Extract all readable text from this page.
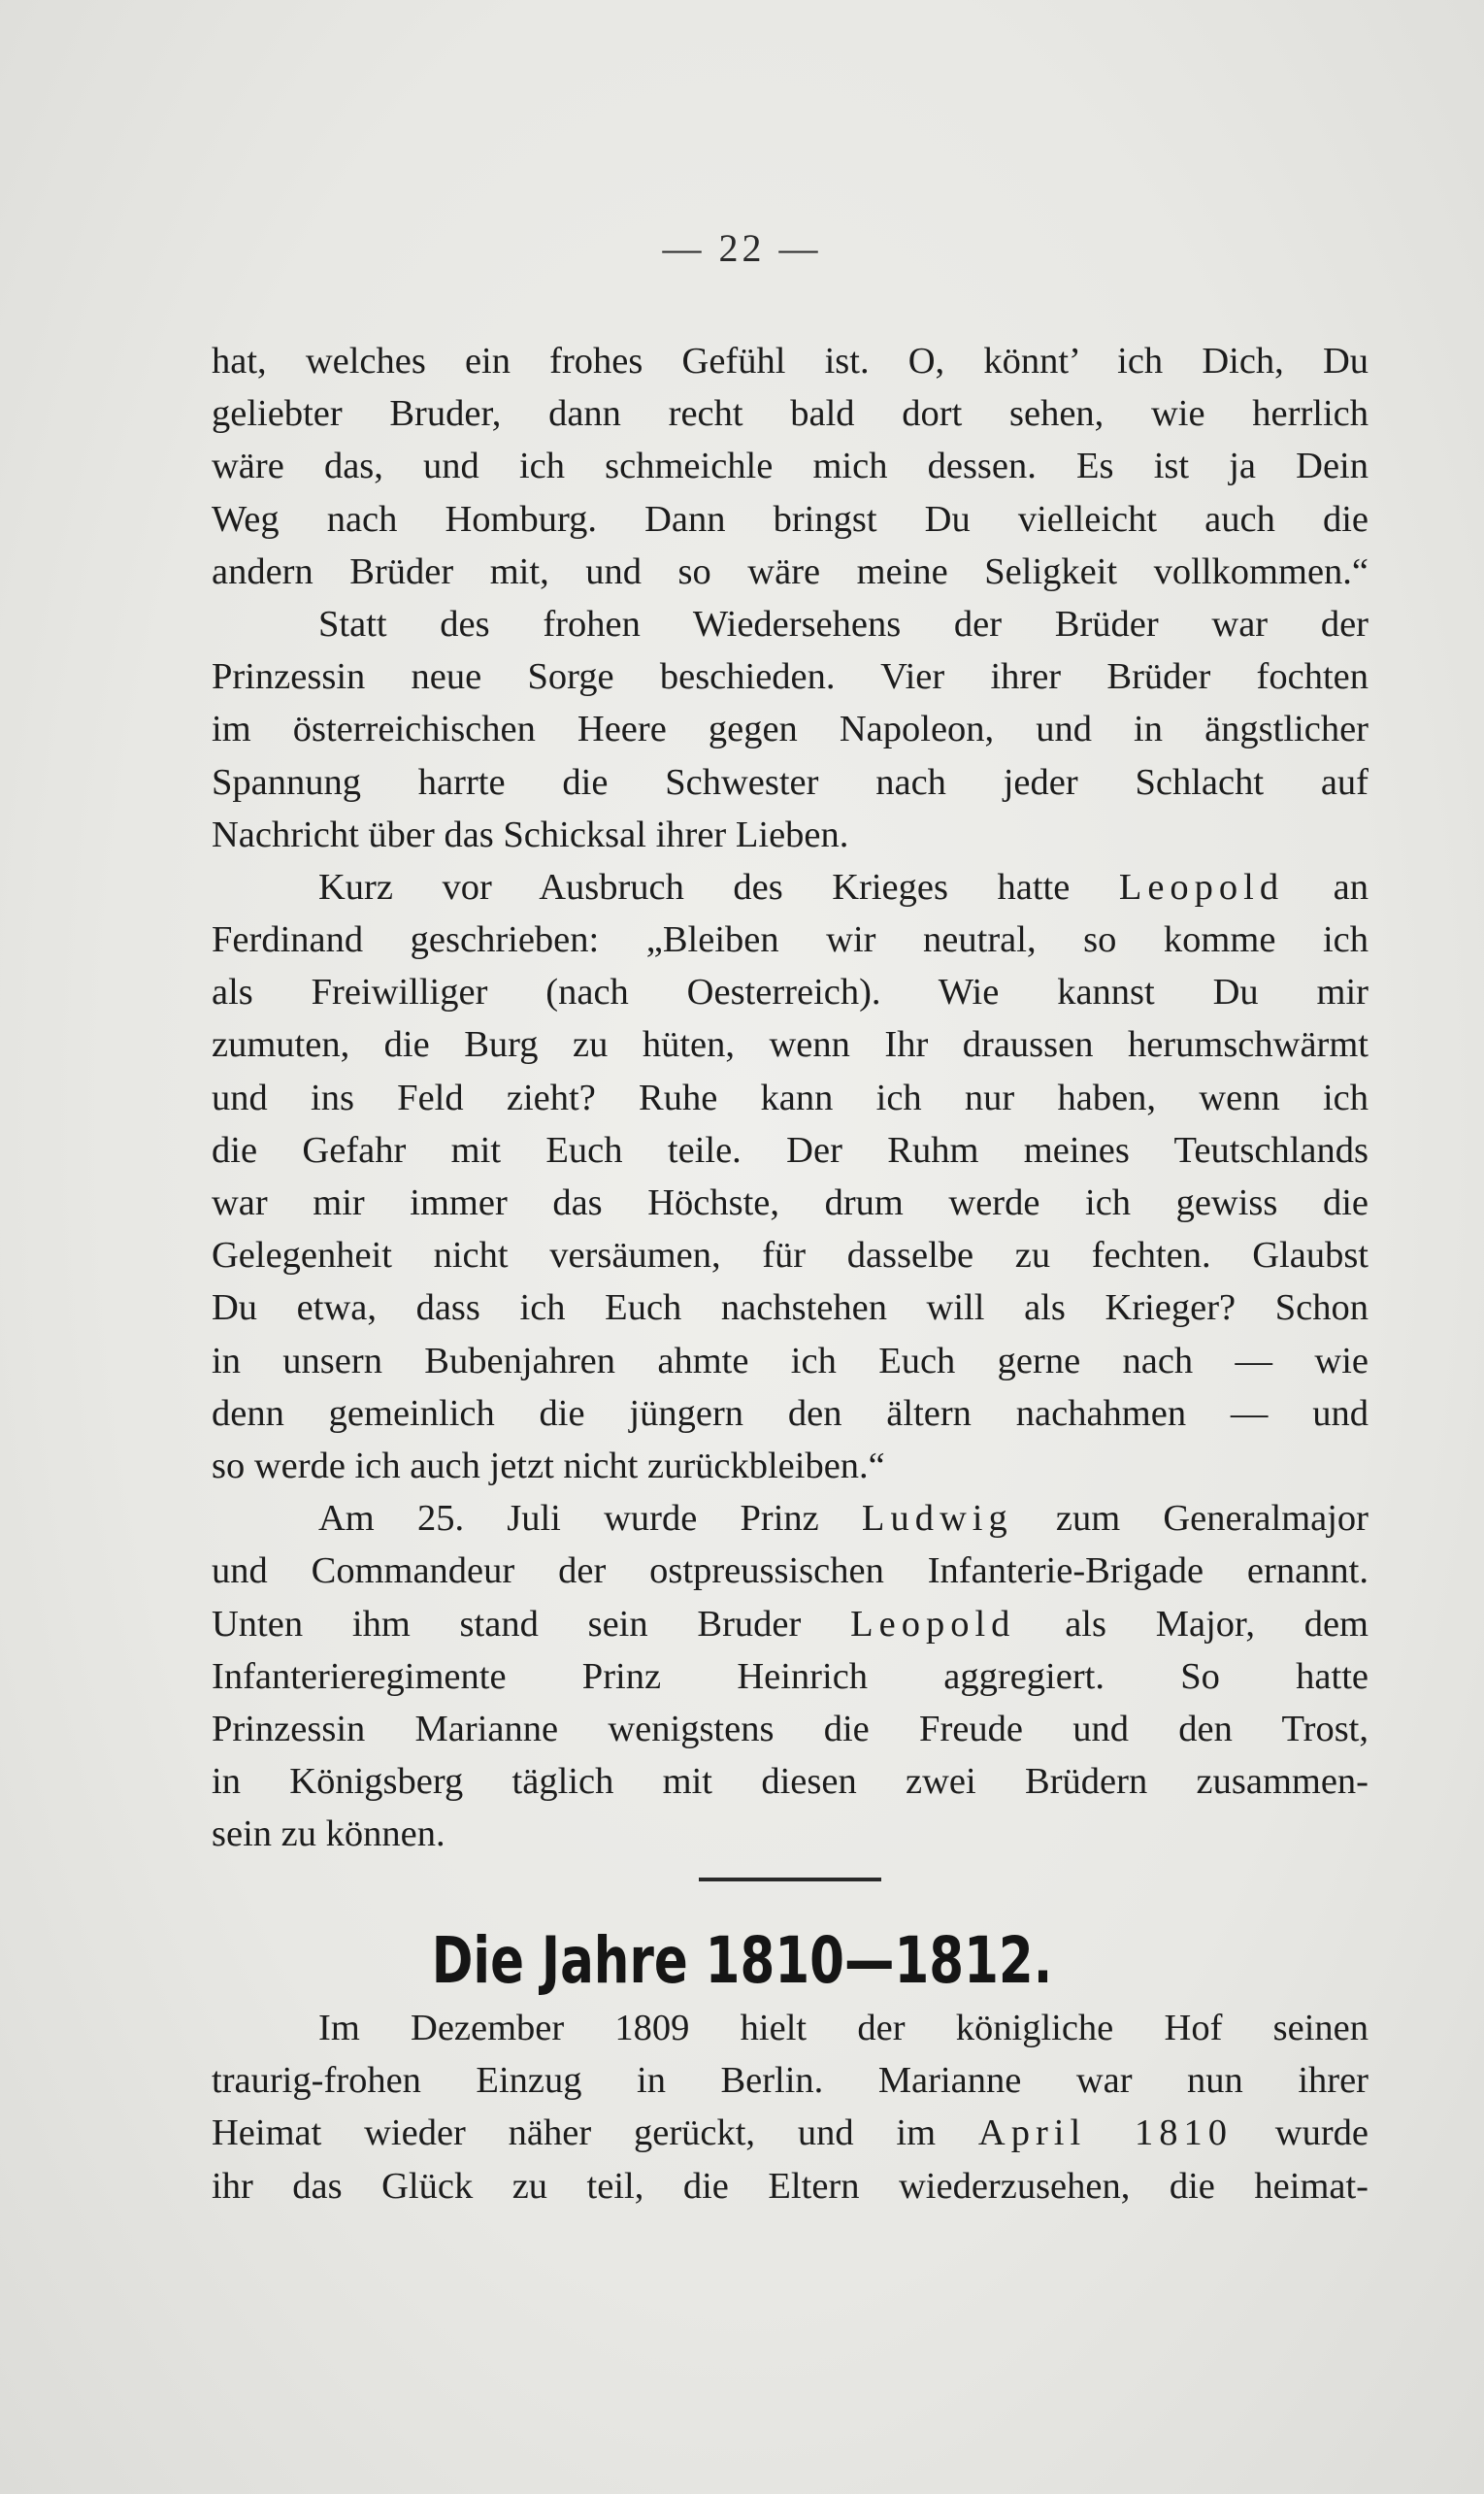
— 22 —
hat, welches ein frohes Gefühl ist. O, könnt’ ich Dich, Du
geliebter Bruder, dann recht bald dort sehen, wie herrlich
wäre das, und ich schmeichle mich dessen. Es ist ja Dein
Weg nach Homburg. Dann bringst Du vielleicht auch die
andern Brüder mit, und so wäre meine Seligkeit vollkommen.“
Statt des frohen Wiedersehens der Brüder war der
Prinzessin neue Sorge beschieden. Vier ihrer Brüder fochten
im österreichischen Heere gegen Napoleon, und in ängstlicher
Spannung harrte die Schwester nach jeder Schlacht auf
Nachricht über das Schicksal ihrer Lieben.
Kurz vor Ausbruch des Krieges hatte Leopold an
Ferdinand geschrieben: „Bleiben wir neutral, so komme ich
als Freiwilliger (nach Oesterreich). Wie kannst Du mir
zumuten, die Burg zu hüten, wenn Ihr draussen herumschwärmt
und ins Feld zieht? Ruhe kann ich nur haben, wenn ich
die Gefahr mit Euch teile. Der Ruhm meines Teutschlands
war mir immer das Höchste, drum werde ich gewiss die
Gelegenheit nicht versäumen, für dasselbe zu fechten. Glaubst
Du etwa, dass ich Euch nachstehen will als Krieger? Schon
in unsern Bubenjahren ahmte ich Euch gerne nach — wie
denn gemeinlich die jüngern den ältern nachahmen — und
so werde ich auch jetzt nicht zurückbleiben.“
Am 25. Juli wurde Prinz Ludwig zum Generalmajor
und Commandeur der ostpreussischen Infanterie-Brigade ernannt.
Unten ihm stand sein Bruder Leopold als Major, dem
Infanterieregimente Prinz Heinrich aggregiert. So hatte
Prinzessin Marianne wenigstens die Freude und den Trost,
in Königsberg täglich mit diesen zwei Brüdern zusammen-
sein zu können.
Die Jahre 1810—1812.
Im Dezember 1809 hielt der königliche Hof seinen
traurig-frohen Einzug in Berlin. Marianne war nun ihrer
Heimat wieder näher gerückt, und im April 1810 wurde
ihr das Glück zu teil, die Eltern wiederzusehen, die heimat-
